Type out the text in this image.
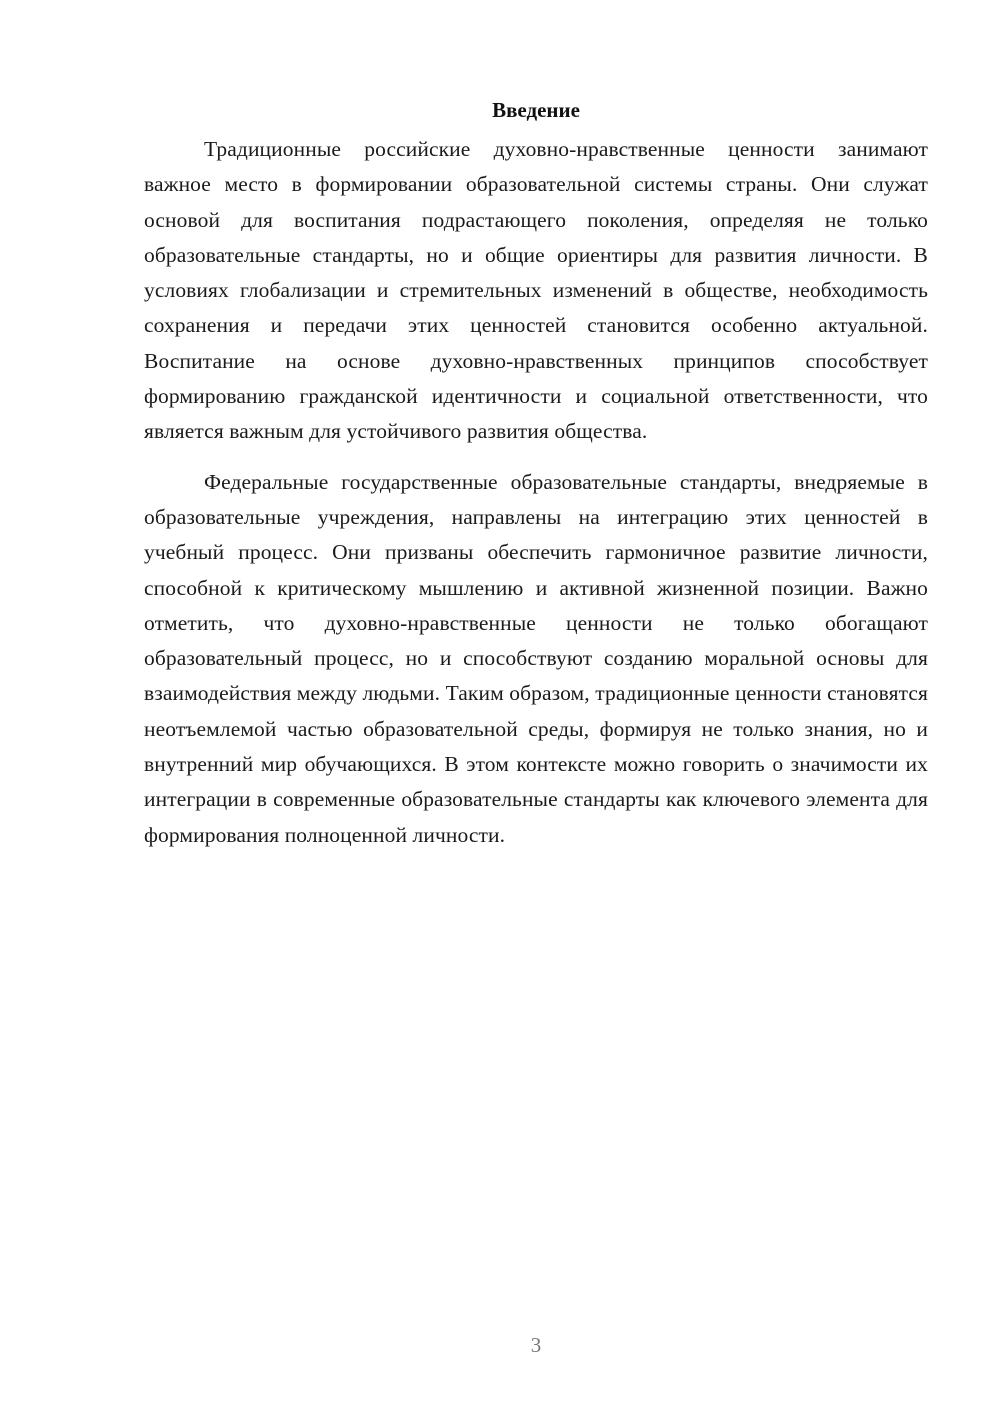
Введение

Традиционные российские духовно-нравственные ценности занимают важное место в формировании образовательной системы страны. Они служат основой для воспитания подрастающего поколения, определяя не только образовательные стандарты, но и общие ориентиры для развития личности. В условиях глобализации и стремительных изменений в обществе, необходимость сохранения и передачи этих ценностей становится особенно актуальной. Воспитание на основе духовно-нравственных принципов способствует формированию гражданской идентичности и социальной ответственности, что является важным для устойчивого развития общества.

Федеральные государственные образовательные стандарты, внедряемые в образовательные учреждения, направлены на интеграцию этих ценностей в учебный процесс. Они призваны обеспечить гармоничное развитие личности, способной к критическому мышлению и активной жизненной позиции. Важно отметить, что духовно-нравственные ценности не только обогащают образовательный процесс, но и способствуют созданию моральной основы для взаимодействия между людьми. Таким образом, традиционные ценности становятся неотъемлемой частью образовательной среды, формируя не только знания, но и внутренний мир обучающихся. В этом контексте можно говорить о значимости их интеграции в современные образовательные стандарты как ключевого элемента для формирования полноценной личности.

3
